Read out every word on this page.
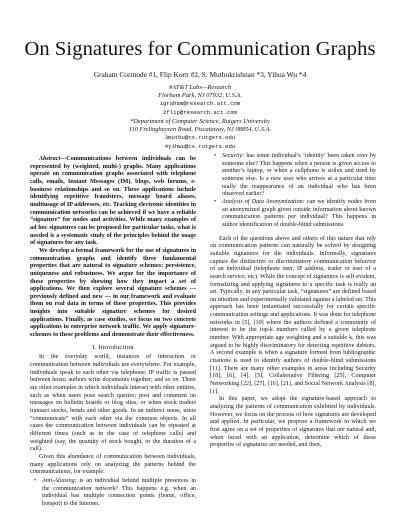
On Signatures for Communication Graphs
Graham Cormode #1, Flip Korn #2, S. Muthukrishnan *3, Yihua Wu *4
#AT&T Labs—Research
Florham Park, NJ 07932, U.S.A.
1graham@research.att.com
2flip@research.att.com
*Department of Computer Science, Rutgers University
110 Frelinghuysen Road, Piscataway, NJ 08854, U.S.A.
3muthu@cs.rutgers.edu
4yihwu@cs.rutgers.edu

Abstract—Communications between individuals can be represented by (weighted, multi-) graphs. Many applications operate on communication graphs associated with telephone calls, emails, Instant Messages (IM), blogs, web forums, e-business relationships and so on. These applications include identifying repetitive fraudsters, message board aliases, multiusage of IP addresses, etc. Tracking electronic identities in communication networks can be achieved if we have a reliable “signature” for nodes and activities. While many examples of ad hoc signatures can be proposed for particular tasks, what is needed is a systematic study of the principles behind the usage of signatures for any task.

We develop a formal framework for the use of signatures in communication graphs and identify three fundamental properties that are natural to signature schemes: persistence, uniqueness and robustness. We argue for the importance of these properties by showing how they impact a set of applications. We then explore several signature schemes — previously defined and new — in our framework and evaluate them on real data in terms of these properties. This provides insights into suitable signature schemes for desired applications. Finally, as case studies, we focus on two concrete applications in enterprise network traffic. We apply signature-schemes to these problems and demonstrate their effectiveness.

I. Introduction

In the everyday world, instances of interaction or communication between individuals are everywhere. For example, individuals speak to each other via telephone; IP traffic is passed between hosts; authors write documents together; and so on. There are other examples in which individuals interact with other entities, such as when users pose search queries; post and comment on messages on bulletin boards or blog sites; or when stock traders transact stocks, bonds and other goods. In an indirect sense, users “communicate” with each other via the common objects. In all cases the communication between individuals can be repeated at different times (such as in the case of telephone calls) and weighted (say, the quantity of stock bought, or the duration of a call).

Given this abundance of communication between individuals, many applications rely on analyzing the patterns behind the communications, for example:

• Anti-Aliasing: is an individual behind multiple presences in the communication network? This happens e.g. when an individual has multiple connection points (home, office, hotspot) to the Internet.
• Security: has some individual’s ‘identity’ been taken over by someone else? This happens when a person is given access to another’s laptop, or when a cellphone is stolen and used by someone else. Is a new user who arrives at a particular time really the reappearance of an individual who has been observed earlier?
• Analysis of Data Anonymization: can we identify nodes from an anonymized graph given outside information about known communication patterns per individual? This happens in author identification of double-blind submissions.

Each of the questions above and others of this nature that rely on communication patterns can naturally be solved by designing suitable signatures for the individuals. Informally, signatures capture the distinctive or discriminatory communication behavior of an individual (telephone user, IP address, trader or user of a search service, etc). While the concept of signatures is self-evident, formalizing and applying signatures to a specific task is really an art. Typically, in any particular task, “signatures” are defined based on intuition and experimentally validated against a labeled set. This approach has been instantiated successfully for certain specific communication settings and applications. It was done for telephone networks in [5], [10] where the authors defined a community of interest to be the top-k numbers called by a given telephone number. With appropriate age weighting and a suitable k, this was argued to be highly discriminatory for detecting repetitive debtors. A second example is when a signature formed from bibliographic citations is used to identify authors of double-blind submissions [11]. There are many other examples in areas including Security [18], [6], [4], [5], Collaborative Filtering [25], Computer Networking [22], [27], [16], [21], and Social Network Analysis [8], [1].

In this paper, we adopt the signature-based approach to analyzing the patterns of communication exhibited by individuals. However, we focus on the process of how signatures are developed and applied. In particular, we propose a framework in which we first agree on a set of properties of signatures that are natural and, when faced with an application, determine which of these properties of signatures are needed, and then,
